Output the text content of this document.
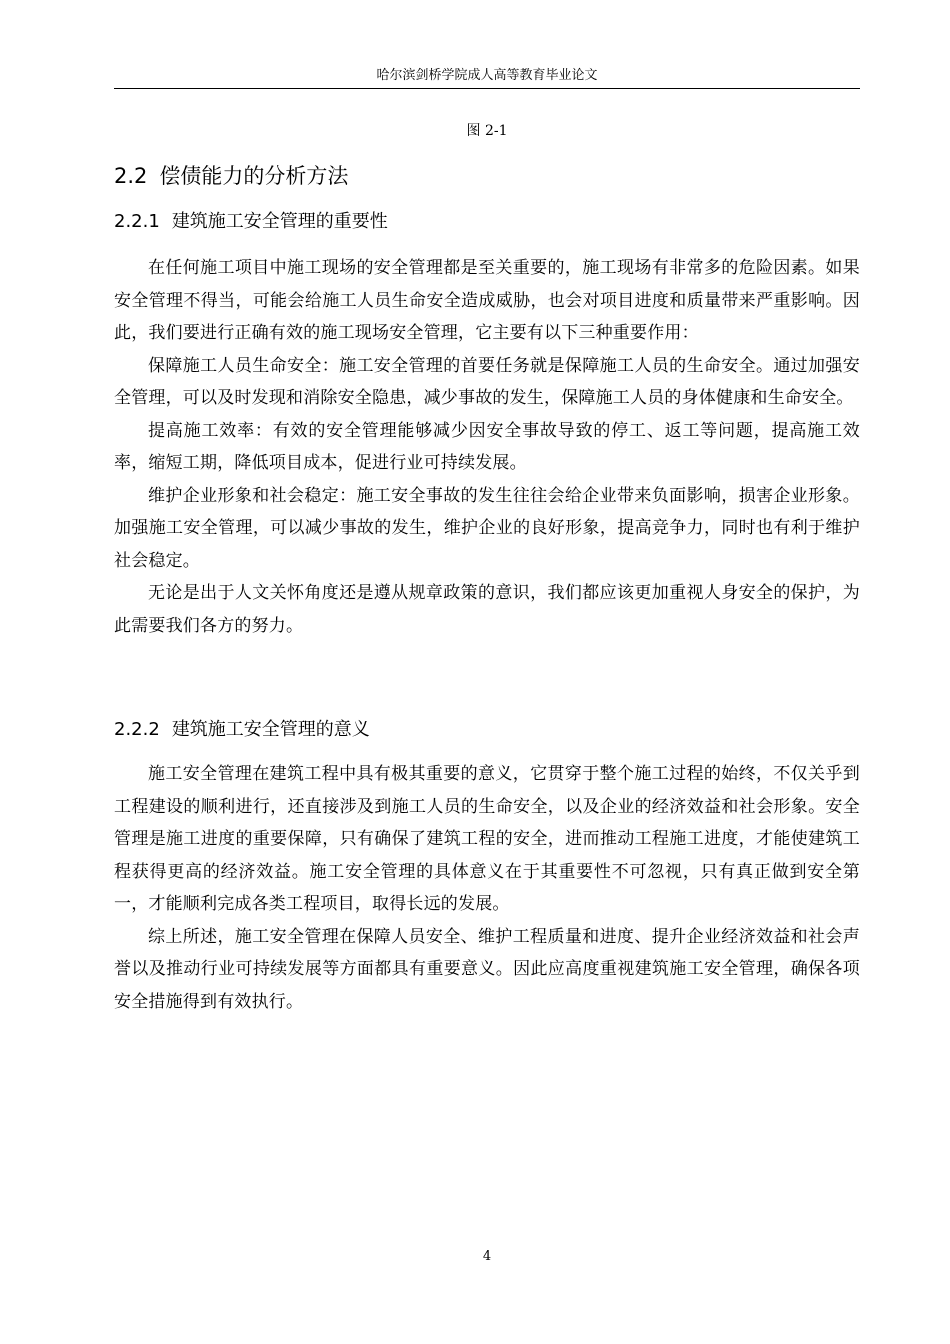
哈尔滨剑桥学院成人高等教育毕业论文
图 2-1
2.2 偿债能力的分析方法
2.2.1 建筑施工安全管理的重要性

在任何施工项目中施工现场的安全管理都是至关重要的，施工现场有非常多的危险因素。如果安全管理不得当，可能会给施工人员生命安全造成威胁，也会对项目进度和质量带来严重影响。因此，我们要进行正确有效的施工现场安全管理，它主要有以下三种重要作用：

保障施工人员生命安全：施工安全管理的首要任务就是保障施工人员的生命安全。通过加强安全管理，可以及时发现和消除安全隐患，减少事故的发生，保障施工人员的身体健康和生命安全。

提高施工效率：有效的安全管理能够减少因安全事故导致的停工、返工等问题，提高施工效率，缩短工期，降低项目成本，促进行业可持续发展。

维护企业形象和社会稳定：施工安全事故的发生往往会给企业带来负面影响，损害企业形象。加强施工安全管理，可以减少事故的发生，维护企业的良好形象，提高竞争力，同时也有利于维护社会稳定。

无论是出于人文关怀角度还是遵从规章政策的意识，我们都应该更加重视人身安全的保护，为此需要我们各方的努力。

2.2.2 建筑施工安全管理的意义

施工安全管理在建筑工程中具有极其重要的意义，它贯穿于整个施工过程的始终，不仅关乎到工程建设的顺利进行，还直接涉及到施工人员的生命安全，以及企业的经济效益和社会形象。安全管理是施工进度的重要保障，只有确保了建筑工程的安全，进而推动工程施工进度，才能使建筑工程获得更高的经济效益。施工安全管理的具体意义在于其重要性不可忽视，只有真正做到安全第一，才能顺利完成各类工程项目，取得长远的发展。

综上所述，施工安全管理在保障人员安全、维护工程质量和进度、提升企业经济效益和社会声誉以及推动行业可持续发展等方面都具有重要意义。因此应高度重视建筑施工安全管理，确保各项安全措施得到有效执行。

4
